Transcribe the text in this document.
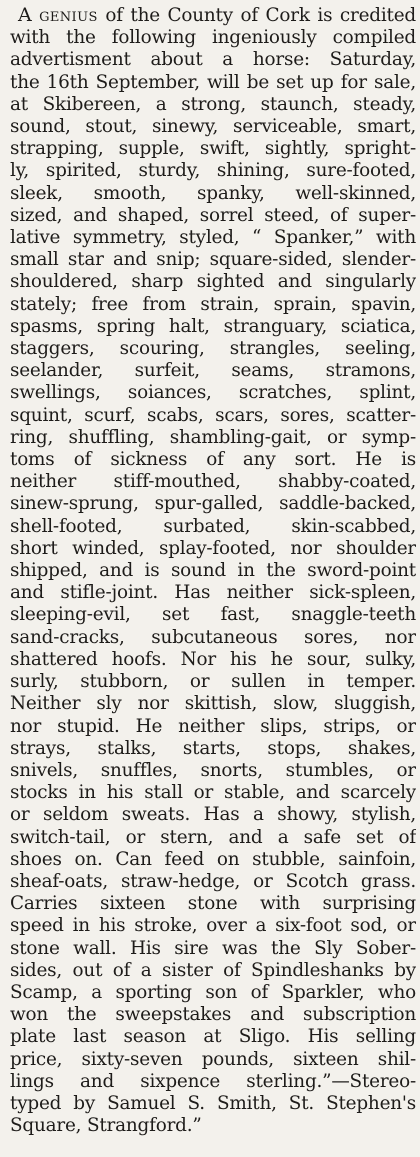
A genius of the County of Cork is credited
with the following ingeniously compiled
advertisment about a horse: Saturday,
the 16th September, will be set up for sale,
at Skibereen, a strong, staunch, steady,
sound, stout, sinewy, serviceable, smart,
strapping, supple, swift, sightly, spright-
ly, spirited, sturdy, shining, sure-footed,
sleek, smooth, spanky, well-skinned,
sized, and shaped, sorrel steed, of super-
lative symmetry, styled, “ Spanker,” with
small star and snip; square-sided, slender-
shouldered, sharp sighted and singularly
stately; free from strain, sprain, spavin,
spasms, spring halt, stranguary, sciatica,
staggers, scouring, strangles, seeling,
seelander, surfeit, seams, stramons,
swellings, soiances, scratches, splint,
squint, scurf, scabs, scars, sores, scatter-
ring, shuffling, shambling-gait, or symp-
toms of sickness of any sort. He is
neither stiff-mouthed, shabby-coated,
sinew-sprung, spur-galled, saddle-backed,
shell-footed, surbated, skin-scabbed,
short winded, splay-footed, nor shoulder
shipped, and is sound in the sword-point
and stifle-joint. Has neither sick-spleen,
sleeping-evil, set fast, snaggle-teeth
sand-cracks, subcutaneous sores, nor
shattered hoofs. Nor his he sour, sulky,
surly, stubborn, or sullen in temper.
Neither sly nor skittish, slow, sluggish,
nor stupid. He neither slips, strips, or
strays, stalks, starts, stops, shakes,
snivels, snuffles, snorts, stumbles, or
stocks in his stall or stable, and scarcely
or seldom sweats. Has a showy, stylish,
switch-tail, or stern, and a safe set of
shoes on. Can feed on stubble, sainfoin,
sheaf-oats, straw-hedge, or Scotch grass.
Carries sixteen stone with surprising
speed in his stroke, over a six-foot sod, or
stone wall. His sire was the Sly Sober-
sides, out of a sister of Spindleshanks by
Scamp, a sporting son of Sparkler, who
won the sweepstakes and subscription
plate last season at Sligo. His selling
price, sixty-seven pounds, sixteen shil-
lings and sixpence sterling.”—Stereo-
typed by Samuel S. Smith, St. Stephen's
Square, Strangford.”
